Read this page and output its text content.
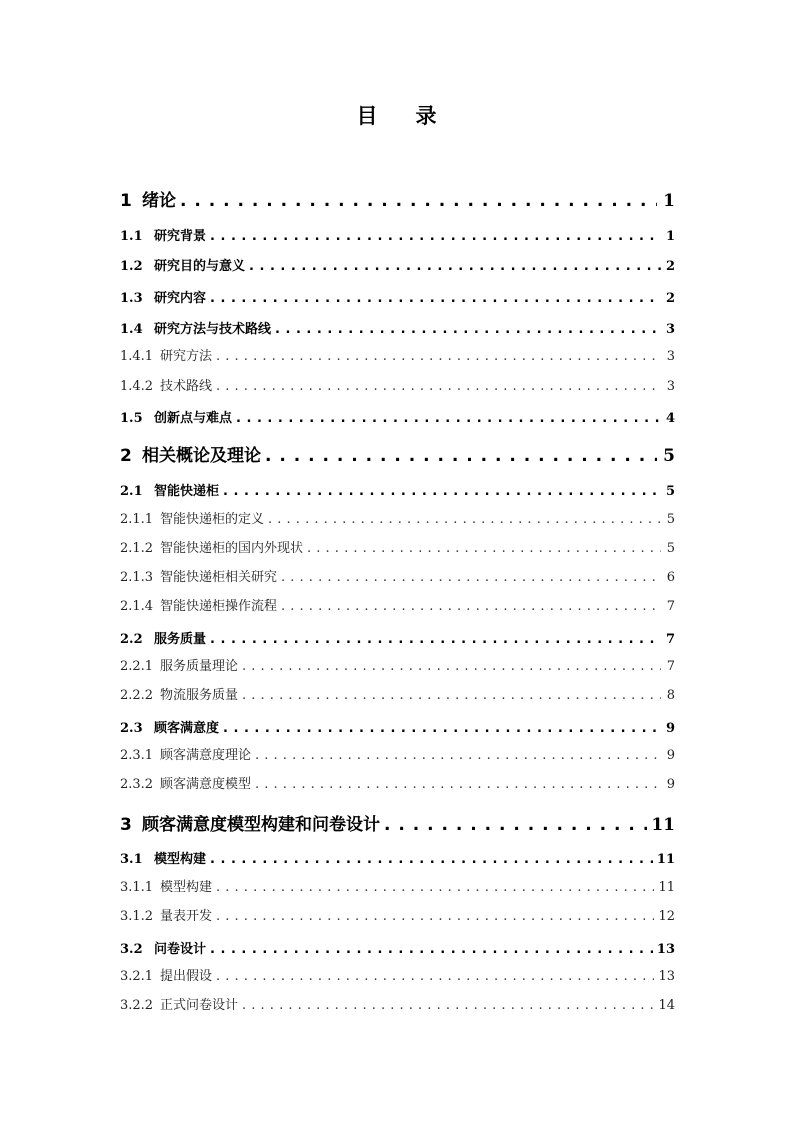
目录
1 绪论 . . .	1
1.1 研究背景 . . .	1
1.2 研究目的与意义 . . .	2
1.3 研究内容 . . .	2
1.4 研究方法与技术路线 . . .	3
1.4.1 研究方法 . . .	3
1.4.2 技术路线 . . .	3
1.5 创新点与难点 . . .	4
2 相关概论及理论 . . .	5
2.1 智能快递柜 . . .	5
2.1.1 智能快递柜的定义 . . .	5
2.1.2 智能快递柜的国内外现状 . . .	5
2.1.3 智能快递柜相关研究 . . .	6
2.1.4 智能快递柜操作流程 . . .	7
2.2 服务质量 . . .	7
2.2.1 服务质量理论 . . .	7
2.2.2 物流服务质量 . . .	8
2.3 顾客满意度 . . .	9
2.3.1 顾客满意度理论 . . .	9
2.3.2 顾客满意度模型 . . .	9
3 顾客满意度模型构建和问卷设计 . . .	11
3.1 模型构建 . . .	11
3.1.1 模型构建 . . .	11
3.1.2 量表开发 . . .	12
3.2 问卷设计 . . .	13
3.2.1 提出假设 . . .	13
3.2.2 正式问卷设计 . . .	14
